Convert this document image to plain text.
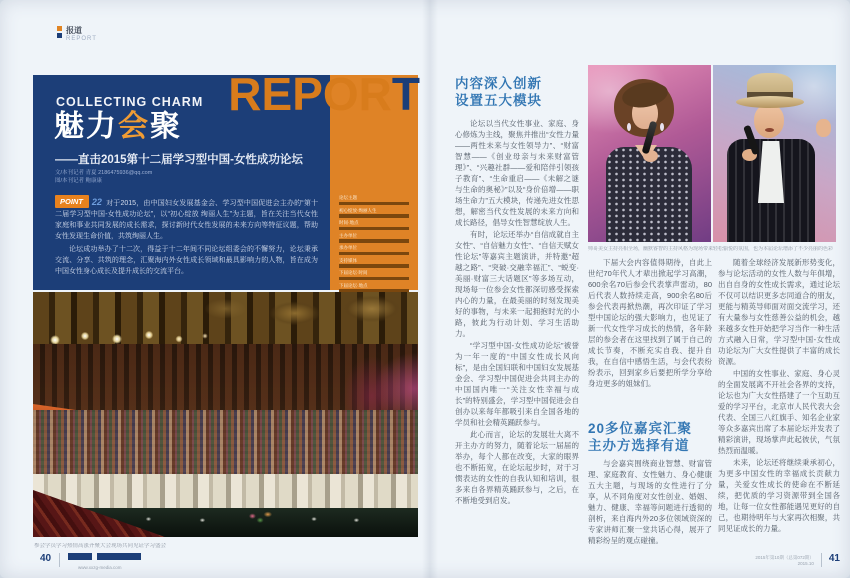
报道
REPORT
REPORT
COLLECTING CHARM
魅力会聚
——直击2015第十二届学习型中国-女性成功论坛
文/本刊记者 青夏 2186475936@qq.com
图/本刊记者 鲍康康

POINT 22 对于2015，由中国妇女发展基金会、学习型中国促进会主办的“第十二届学习型中国-女性成功论坛”，以“初心绽放 绚丽人生”为主题，旨在关注当代女性家庭和事业共同发展的成长需求，探讨新时代女性发展的未来方向等特征议题，帮助女性发现生命价值，共筑绚丽人生。

论坛成功举办了十二次，得益于十二年间不同论坛组委会的不懈努力，论坛秉承交流、分享、共筑的理念，汇聚海内外女性成长领域和最具影响力的人物，旨在成为中国女性身心成长及提升成长的交流平台。

论坛主题
初心绽放·绚丽人生
时间·地点
主办单位
承办单位
支持媒体
下届论坛·时间
下届论坛·地点
参会学员学习热情高涨齐聚大会现场共同见证学习盛会
40
www.xxzg-media.com
内容深入创新
设置五大模块

论坛以当代女性事业、家庭、身心修炼为主线，聚焦并推出“女性力量——两性未来与女性领导力”、“财富智慧——《创业母亲与未来财富管理》”、“兴趣社群——爱和陪伴引领孩子教育”、“生命重启——《未解之谜与生命的奥秘》”以及“身价倍增——职场生命力”五大模块，传递先进女性思想，解密当代女性发展的未来方向和成长路径，倡导女性智慧绽放人生。

有时，论坛还举办“自信成就自主女性”、“自信魅力女性”、“自信天赋女性论坛”等嘉宾主题演讲，并特邀“超越之路”、“突破·交融幸福汇”、“蜕变·美丽·财富三大话题区”等多场互动，现场每一位参会女性都深切感受探索内心的力量，在最美丽的时刻发现美好的事物，与未来一起拥抱时光的小路，彼此为行动计划、学习生活助力。

“学习型中国-女性成功论坛”被誉为一年一度的“中国女性成长风向标”，是由全国妇联和中国妇女发展基金会、学习型中国促进会共同主办的中国国内唯一“关注女性幸福与成长”的特别盛会，学习型中国促进会自创办以来每年都吸引来自全国各地的学员和社会精英踊跃参与。

此心而言，论坛的发展壮大离不开主办方的努力，随着论坛一届届的举办，每个人都在改变，大家的眼界也不断拓宽，在论坛起步时，对于习惯表达的女性的自我认知和培训，很多来自各界精英踊跃参与，之后，在不断地受到启发。

帅哥美女主持亮相全场，幽默睿智的主持风格为现场带来轻松愉悦的氛围，也为本届论坛增添了不少亮丽的色彩

下届大会内容值得期待，自此上世纪70年代人才辈出掀起学习高潮，600余名70后参会代表掌声雷动，80后代表人数持续走高，900余名80后参会代表再掀热潮，再次印证了学习型中国论坛的强大影响力，也见证了新一代女性学习成长的热情，各年龄层的参会者在这里找到了属于自己的成长节奏，不断充实自我、提升自我，在自信中感悟生活，与会代表纷纷表示，回到家乡后要把所学分享给身边更多的姐妹们。

20多位嘉宾汇聚
主办方选择有道

与会嘉宾围绕商业智慧、财富管理、家庭教育、女性魅力、身心健康五大主题，与现场的女性进行了分享，从不同角度对女性创业、婚姻、魅力、健康、幸福等问题进行透彻的剖析，来自海内外20多位领域资深的专家讲师汇聚一堂共话心得，展开了精彩纷呈的观点碰撞。

随着全球经济发展新形势变化，参与论坛活动的女性人数与年俱增，出自自身的女性成长需求，通过论坛不仅可以结识更多志同道合的朋友，更能与精英导师面对面交流学习，还有大量参与女性慈善公益的机会，越来越多女性开始把学习当作一种生活方式融入日常，学习型中国-女性成功论坛为广大女性提供了丰富的成长资源。

中国的女性事业、家庭、身心灵的全面发展离不开社会各界的支持，论坛也为广大女性搭建了一个互助互爱的学习平台，北京市人民代表大会代表、全国三八红旗手、知名企业家等众多嘉宾出席了本届论坛并发表了精彩演讲，现场掌声此起彼伏，气氛热烈而温暖。

未来，论坛还将继续秉承初心，为更多中国女性的幸福成长贡献力量，关爱女性成长的使命在不断延续，把优质的学习资源带到全国各地，让每一位女性都能遇见更好的自己，也期待明年与大家再次相聚，共同见证成长的力量。

2015年第10期（总第072期）
2015.10 41
